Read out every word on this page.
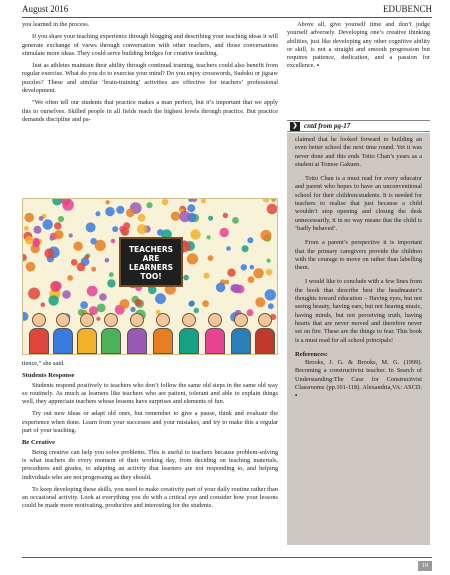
August 2016	EDUBENCH

you learned in the process.

If you share your teaching experience through blogging and describing your teaching ideas it will generate exchange of views through conversation with other teachers, and those conversations stimulate more ideas. They could serve building bridges for creative teaching.

Just as athletes maintain their ability through continual training, teachers could also benefit from regular exercise. What do you do to exercise your mind? Do you enjoy crosswords, Sudoku or jigsaw puzzles? These and similar ‘brain-training’ activities are effective for teachers’ professional development.

“We often tell our students that practice makes a man perfect, but it’s important that we apply this to ourselves. Skilled people in all fields reach the highest levels through practice. But practice demands discipline and pa-

TEACHERS ARE LEARNERS TOO!

tience,” she said.

Students Response

Students respond positively to teachers who don’t follow the same old steps in the same old way so routinely. As much as learners like teachers who are patient, tolerant and able to explain things well, they appreciate teachers whose lessons have surprises and elements of fun.

Try out new ideas or adapt old ones, but remember to give a pause, think and evaluate the experience when done. Learn from your successes and your mistakes, and try to make this a regular part of your teaching.

Be Creative

Being creative can help you solve problems. This is useful to teachers because problem-solving is what teachers do every moment of their working day, from deciding on teaching materials, procedures and grades, to adapting an activity that learners are not responding to, and helping individuals who are not progressing as they should.

To keep developing these skills, you need to make creativity part of your daily routine rather than an occasional activity. Look at everything you do with a critical eye and consider how your lessons could be made more motivating, productive and interesting for the students.

Above all, give yourself time and don’t judge yourself adversely. Developing one’s creative thinking abilities, just like developing any other cognitive ability or skill, is not a straight and smooth progression but requires patience, dedication, and a passion for excellence. ▪

❯ cntd from pg-17

claimed that he looked forward to building an even better school the next time round. Yet it was never done and this ends Totto Chan’s years as a student at Tomoe Gakuen.

Totto Chan is a must read for every educator and parent who hopes to have an unconventional school for their children/students. It is needed for teachers to realise that just because a child wouldn’t stop opening and closing the desk unnecessarily, it in no way means that the child is ‘badly behaved’.

From a parent’s perspective it is important that the primary caregivers provide the children with the courage to move on rather than labelling them.

I would like to conclude with a few lines from the book that describe best the headmaster’s thoughts toward education – Having eyes, but not seeing beauty, having ears, but not hearing music, having minds, but not perceiving truth, having hearts that are never moved and therefore never set on fire. These are the things to fear. This book is a must read for all school principals!

References:

Brooks, J. G. & Brooks, M. G. (1999). Becoming a constructivist teacher. In Search of Understanding:The Case for Constructivist Classrooms (pp.101-118). Alexandria,VA: ASCD. ▪

19
